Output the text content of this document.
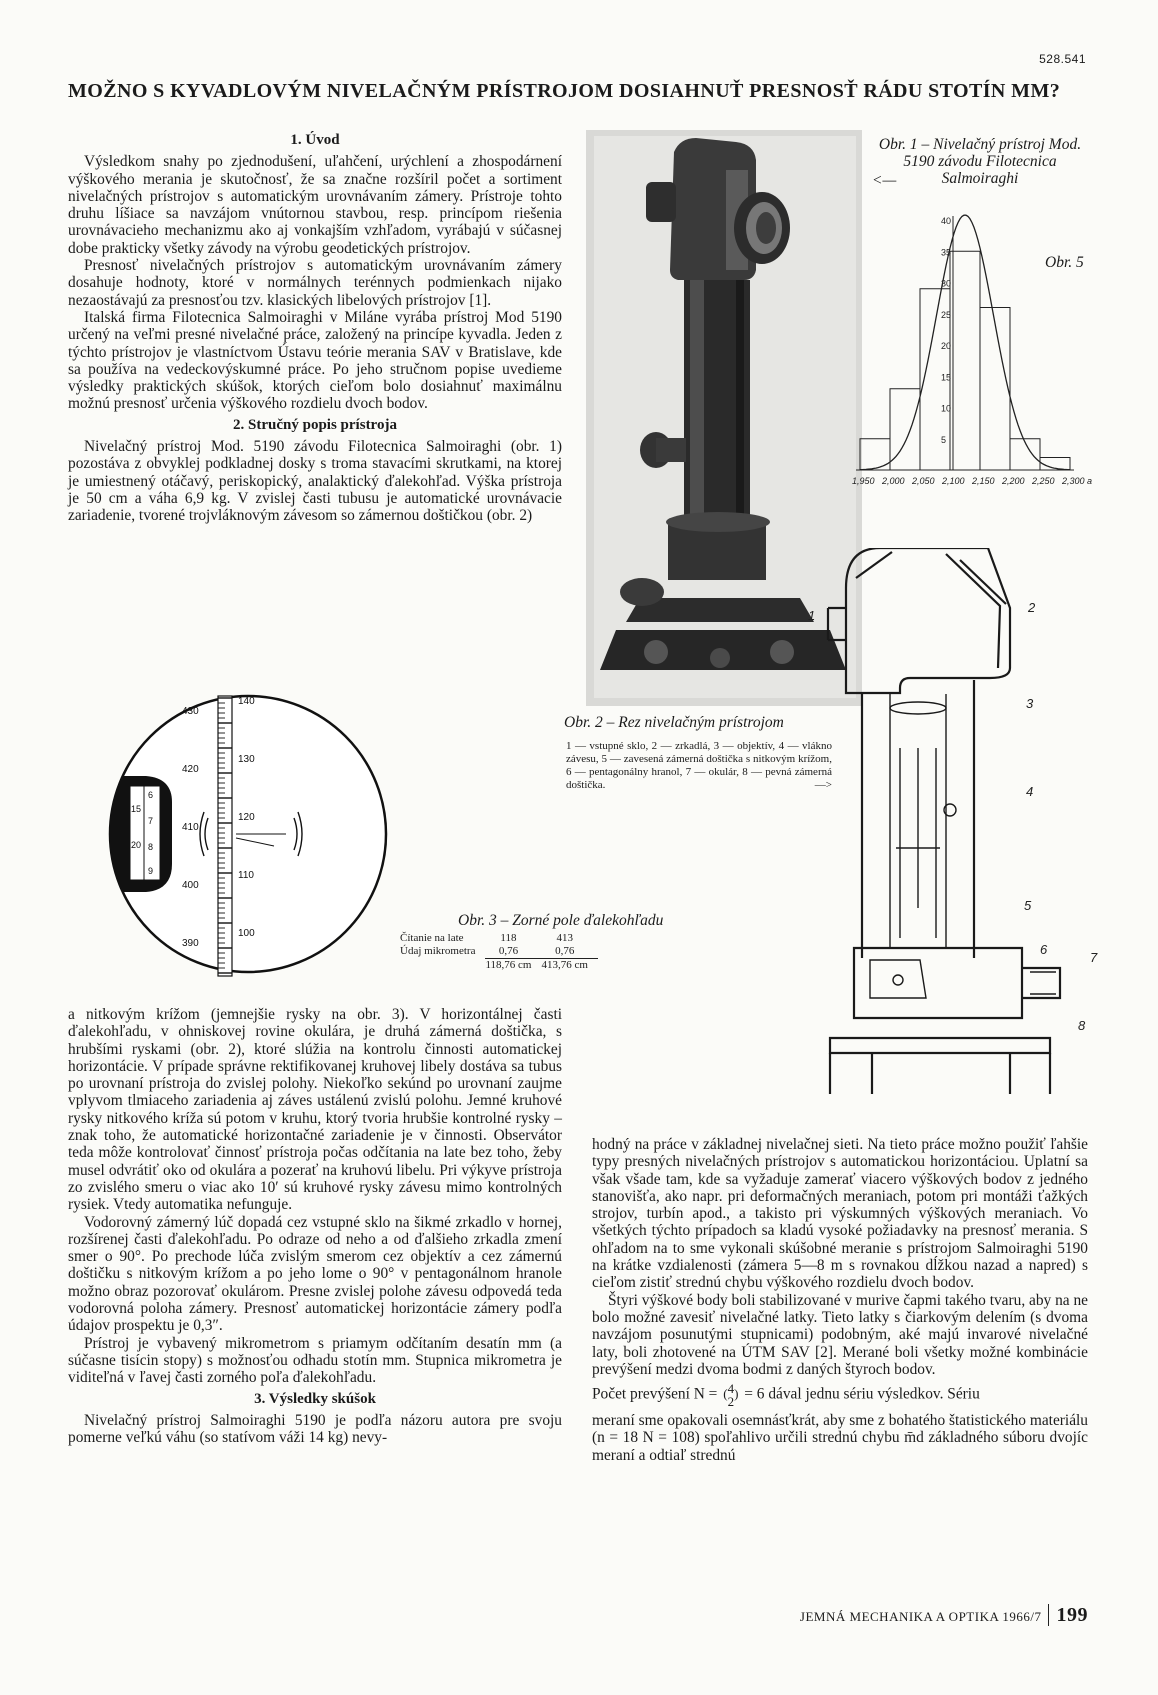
528.541
MOŽNO S KYVADLOVÝM NIVELAČNÝM PRÍSTROJOM DOSIAHNUŤ PRESNOSŤ RÁDU STOTÍN MM?
1. Úvod

Výsledkom snahy po zjednodušení, uľahčení, urýchlení a zhospodárnení výškového merania je skutočnosť, že sa značne rozšíril počet a sortiment nivelačných prístrojov s automatickým urovnávaním zámery. Prístroje tohto druhu líšiace sa navzájom vnútornou stavbou, resp. princípom riešenia urovnávacieho mechanizmu ako aj vonkajším vzhľadom, vyrábajú v súčasnej dobe prakticky všetky závody na výrobu geodetických prístrojov.

Presnosť nivelačných prístrojov s automatickým urovnávaním zámery dosahuje hodnoty, ktoré v normálnych terénnych podmienkach nijako nezaostávajú za presnosťou tzv. klasických libelových prístrojov [1].

Italská firma Filotecnica Salmoiraghi v Miláne vyrába prístroj Mod 5190 určený na veľmi presné nivelačné práce, založený na princípe kyvadla. Jeden z týchto prístrojov je vlastníctvom Ústavu teórie merania SAV v Bratislave, kde sa používa na vedeckovýskumné práce. Po jeho stručnom popise uvedieme výsledky praktických skúšok, ktorých cieľom bolo dosiahnuť maximálnu možnú presnosť určenia výškového rozdielu dvoch bodov.

2. Stručný popis prístroja

Nivelačný prístroj Mod. 5190 závodu Filotecnica Salmoiraghi (obr. 1) pozostáva z obvyklej podkladnej dosky s troma stavacími skrutkami, na ktorej je umiestnený otáčavý, periskopický, analaktický ďalekohľad. Výška prístroja je 50 cm a váha 6,9 kg. V zvislej časti tubusu je automatické urovnávacie zariadenie, tvorené trojvláknovým závesom so zámernou doštičkou (obr. 2)

Obr. 1 – Nivelačný prístroj Mod. 5190 závodu Filotecnica Salmoiraghi
<—
Obr. 5
5
10
15
20
25
30
35
40
1,950 2,000 2,050 2,100 2,150 2,200 2,250 2,300 a
1
2
3
4
5
6
7
8
Obr. 2 – Rez nivelačným prístrojom
1 — vstupné sklo, 2 — zrkadlá, 3 — objektív, 4 — vlákno závesu, 5 — zavesená zámerná doštička s nitkovým krížom, 6 — pentagonálny hranol, 7 — okulár, 8 — pevná zámerná doštička.	—>
430
420
410
400
390
140
130
120
110
100
15
20
6
7
8
9
Obr. 3 – Zorné pole ďalekohľadu
Čítanie na late	118	413
Údaj mikrometra	0,76	0,76
	118,76 cm	413,76 cm

a nitkovým krížom (jemnejšie rysky na obr. 3). V horizontálnej časti ďalekohľadu, v ohniskovej rovine okulára, je druhá zámerná doštička, s hrubšími ryskami (obr. 2), ktoré slúžia na kontrolu činnosti automatickej horizontácie. V prípade správne rektifikovanej kruhovej libely dostáva sa tubus po urovnaní prístroja do zvislej polohy. Niekoľko sekúnd po urovnaní zaujme vplyvom tlmiaceho zariadenia aj záves ustálenú zvislú polohu. Jemné kruhové rysky nitkového kríža sú potom v kruhu, ktorý tvoria hrubšie kontrolné rysky – znak toho, že automatické horizontačné zariadenie je v činnosti. Observátor teda môže kontrolovať činnosť prístroja počas odčítania na late bez toho, žeby musel odvrátiť oko od okulára a pozerať na kruhovú libelu. Pri výkyve prístroja zo zvislého smeru o viac ako 10′ sú kruhové rysky závesu mimo kontrolných rysiek. Vtedy automatika nefunguje.

Vodorovný zámerný lúč dopadá cez vstupné sklo na šikmé zrkadlo v hornej, rozšírenej časti ďalekohľadu. Po odraze od neho a od ďalšieho zrkadla zmení smer o 90°. Po prechode lúča zvislým smerom cez objektív a cez zámernú doštičku s nitkovým krížom a po jeho lome o 90° v pentagonálnom hranole možno obraz pozorovať okulárom. Presne zvislej polohe závesu odpovedá teda vodorovná poloha zámery. Presnosť automatickej horizontácie zámery podľa údajov prospektu je 0,3″.

Prístroj je vybavený mikrometrom s priamym odčítaním desatín mm (a súčasne tisícin stopy) s možnosťou odhadu stotín mm. Stupnica mikrometra je viditeľná v ľavej časti zorného poľa ďalekohľadu.

3. Výsledky skúšok

Nivelačný prístroj Salmoiraghi 5190 je podľa názoru autora pre svoju pomerne veľkú váhu (so statívom váži 14 kg) nevy-

hodný na práce v základnej nivelačnej sieti. Na tieto práce možno použiť ľahšie typy presných nivelačných prístrojov s automatickou horizontáciou. Uplatní sa však všade tam, kde sa vyžaduje zamerať viacero výškových bodov z jedného stanovišťa, ako napr. pri deformačných meraniach, potom pri montáži ťažkých strojov, turbín apod., a takisto pri výskumných výškových meraniach. Vo všetkých týchto prípadoch sa kladú vysoké požiadavky na presnosť merania. S ohľadom na to sme vykonali skúšobné meranie s prístrojom Salmoiraghi 5190 na krátke vzdialenosti (zámera 5—8 m s rovnakou dĺžkou nazad a napred) s cieľom zistiť strednú chybu výškového rozdielu dvoch bodov.

Štyri výškové body boli stabilizované v murive čapmi takého tvaru, aby na ne bolo možné zavesiť nivelačné latky. Tieto latky s čiarkovým delením (s dvoma navzájom posunutými stupnicami) podobným, aké majú invarové nivelačné laty, boli zhotovené na ÚTM SAV [2]. Merané boli všetky možné kombinácie prevýšení medzi dvoma bodmi z daných štyroch bodov.

Počet prevýšení N = ( 4
2
) = 6 dával jednu sériu výsledkov. Sériu

meraní sme opakovali osemnásťkrát, aby sme z bohatého štatistického materiálu (n = 18 N = 108) spoľahlivo určili strednú chybu m̄d základného súboru dvojíc meraní a odtiaľ strednú

JEMNÁ MECHANIKA A OPTIKA 1966/7 199
